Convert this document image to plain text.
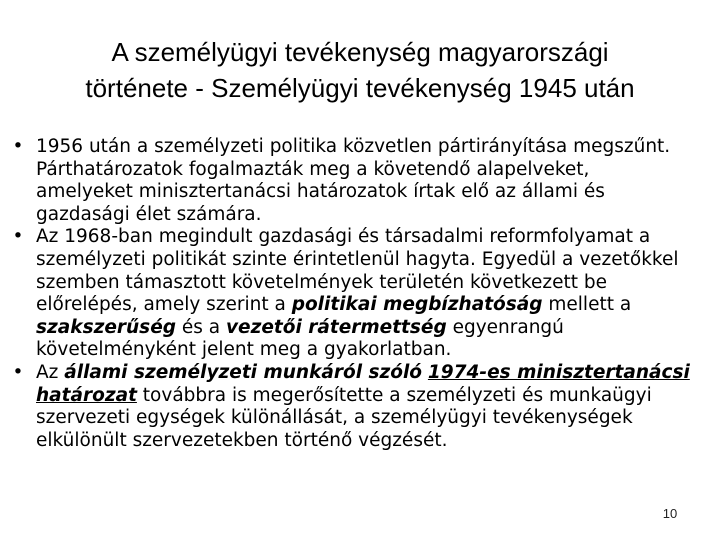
A személyügyi tevékenység magyarországi
története - Személyügyi tevékenység 1945 után
• 1956 után a személyzeti politika közvetlen pártirányítása megszűnt.
Párthatározatok fogalmazták meg a követendő alapelveket,
amelyeket minisztertanácsi határozatok írtak elő az állami és
gazdasági élet számára.
• Az 1968-ban megindult gazdasági és társadalmi reformfolyamat a
személyzeti politikát szinte érintetlenül hagyta. Egyedül a vezetőkkel
szemben támasztott követelmények területén következett be
előrelépés, amely szerint a politikai megbízhatóság mellett a
szakszerűség és a vezetői rátermettség egyenrangú
követelményként jelent meg a gyakorlatban.
• Az állami személyzeti munkáról szóló 1974-es minisztertanácsi
határozat továbbra is megerősítette a személyzeti és munkaügyi
szervezeti egységek különállását, a személyügyi tevékenységek
elkülönült szervezetekben történő végzését.
10
